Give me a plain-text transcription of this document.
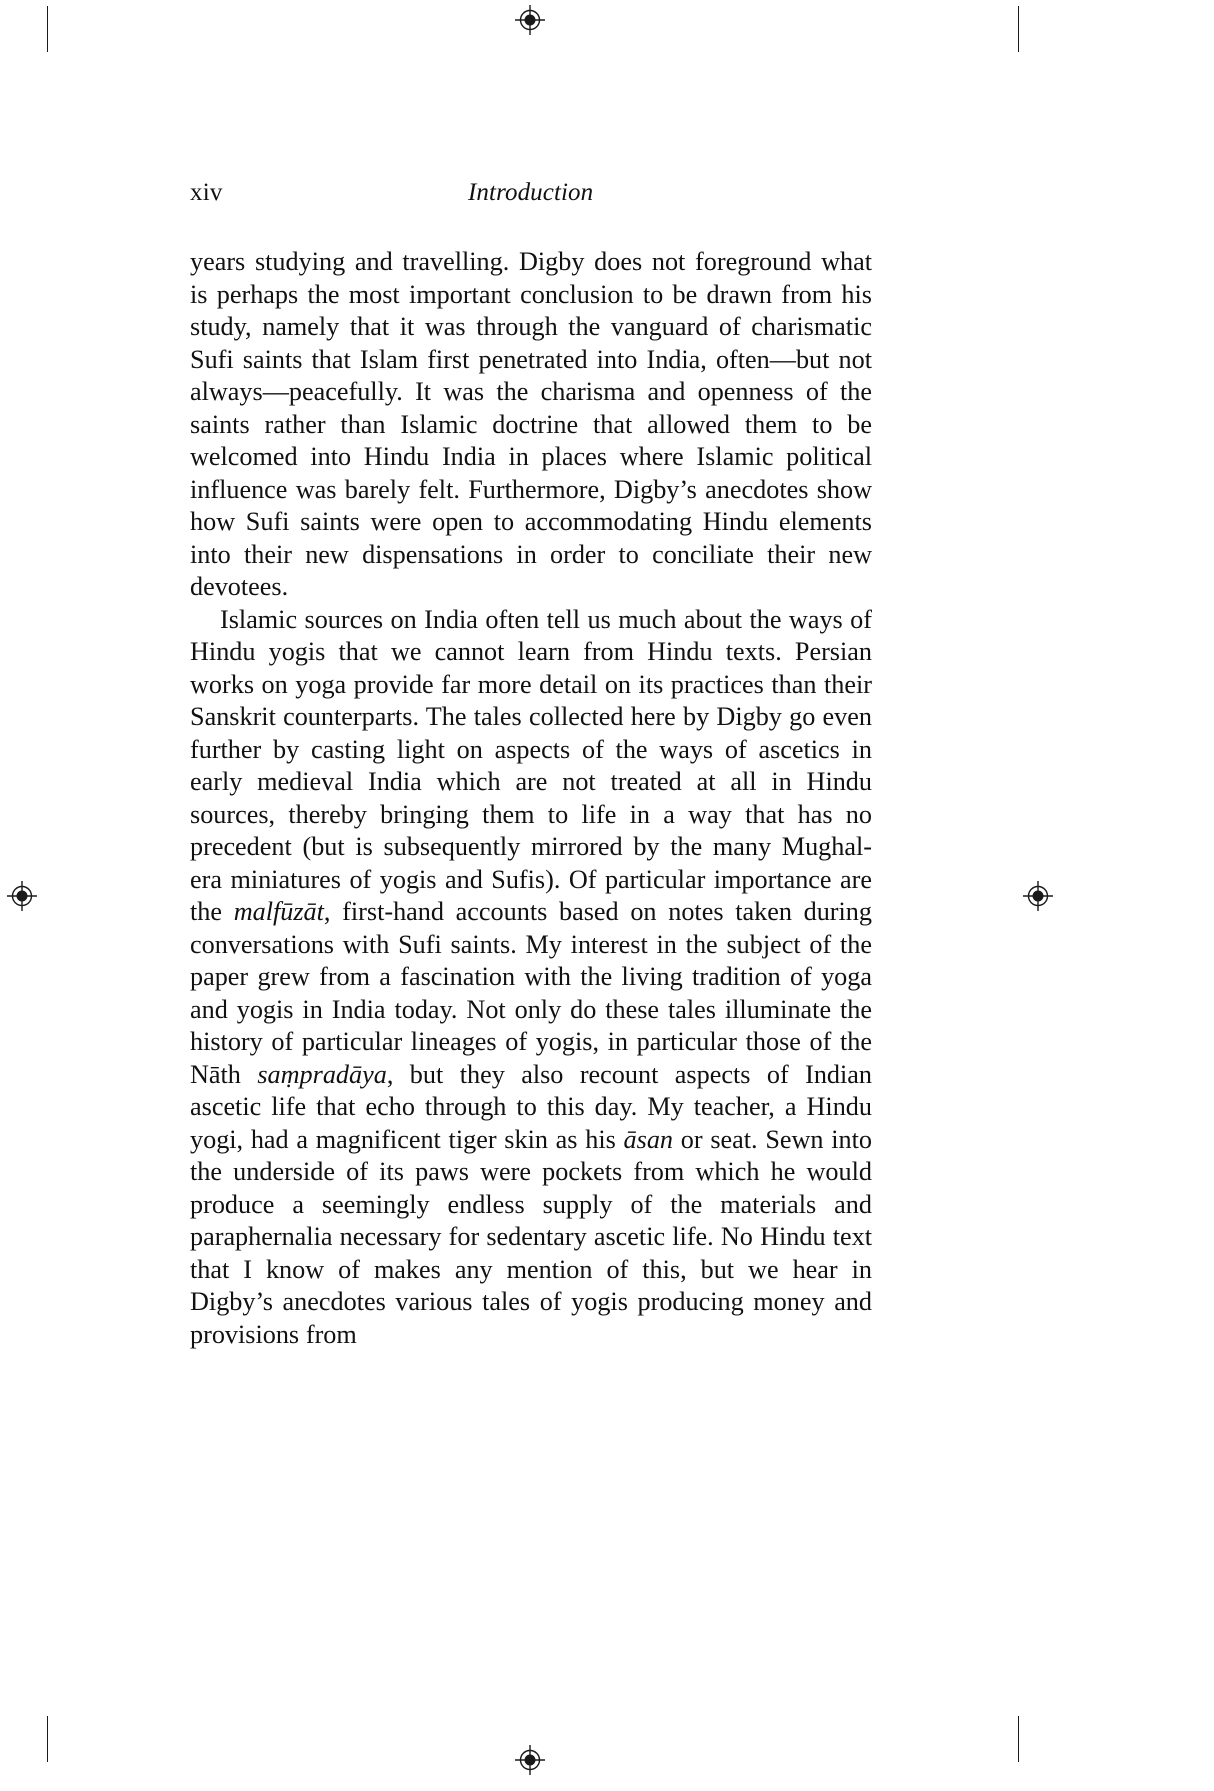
xiv	Introduction

years studying and travelling. Digby does not foreground what is perhaps the most important conclusion to be drawn from his study, namely that it was through the vanguard of charismatic Sufi saints that Islam first penetrated into India, often—but not always—peacefully. It was the charisma and openness of the saints rather than Islamic doctrine that allowed them to be welcomed into Hindu India in places where Islamic political influence was barely felt. Furthermore, Digby’s anecdotes show how Sufi saints were open to accommodating Hindu elements into their new dispensations in order to conciliate their new devotees.

Islamic sources on India often tell us much about the ways of Hindu yogis that we cannot learn from Hindu texts. Persian works on yoga provide far more detail on its practices than their Sanskrit counterparts. The tales collected here by Digby go even further by casting light on aspects of the ways of ascetics in early medieval India which are not treated at all in Hindu sources, thereby bringing them to life in a way that has no precedent (but is subsequently mirrored by the many Mughal-era miniatures of yogis and Sufis). Of particular importance are the malfūzāt, first-hand accounts based on notes taken during conversations with Sufi saints. My interest in the subject of the paper grew from a fascination with the living tradition of yoga and yogis in India today. Not only do these tales illuminate the history of particular lineages of yogis, in particular those of the Nāth saṃpradāya, but they also recount aspects of Indian ascetic life that echo through to this day. My teacher, a Hindu yogi, had a magnificent tiger skin as his āsan or seat. Sewn into the underside of its paws were pockets from which he would produce a seemingly endless supply of the materials and paraphernalia necessary for sedentary ascetic life. No Hindu text that I know of makes any mention of this, but we hear in Digby’s anecdotes various tales of yogis producing money and provisions from
